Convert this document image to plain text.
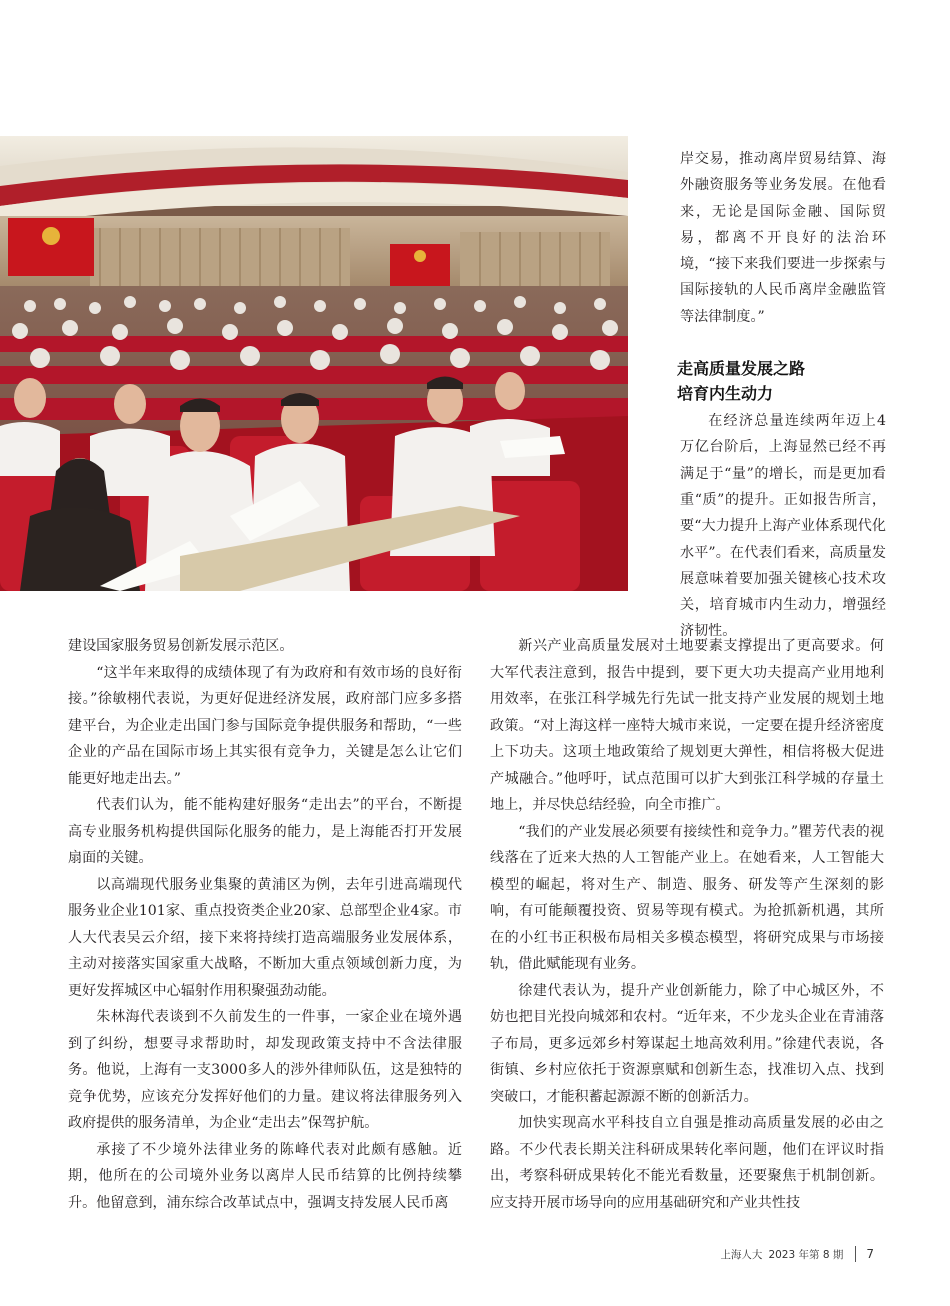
岸交易，推动离岸贸易结算、海外融资服务等业务发展。在他看来，无论是国际金融、国际贸易，都离不开良好的法治环境，“接下来我们要进一步探索与国际接轨的人民币离岸金融监管等法律制度。”

走高质量发展之路
培育内生动力

在经济总量连续两年迈上4万亿台阶后，上海显然已经不再满足于“量”的增长，而是更加看重“质”的提升。正如报告所言，要“大力提升上海产业体系现代化水平”。在代表们看来，高质量发展意味着要加强关键核心技术攻关，培育城市内生动力，增强经济韧性。

建设国家服务贸易创新发展示范区。

“这半年来取得的成绩体现了有为政府和有效市场的良好衔接。”徐敏栩代表说，为更好促进经济发展，政府部门应多多搭建平台，为企业走出国门参与国际竞争提供服务和帮助，“一些企业的产品在国际市场上其实很有竞争力，关键是怎么让它们能更好地走出去。”

代表们认为，能不能构建好服务“走出去”的平台，不断提高专业服务机构提供国际化服务的能力，是上海能否打开发展扇面的关键。

以高端现代服务业集聚的黄浦区为例，去年引进高端现代服务业企业101家、重点投资类企业20家、总部型企业4家。市人大代表吴云介绍，接下来将持续打造高端服务业发展体系，主动对接落实国家重大战略，不断加大重点领域创新力度，为更好发挥城区中心辐射作用积聚强劲动能。

朱林海代表谈到不久前发生的一件事，一家企业在境外遇到了纠纷，想要寻求帮助时，却发现政策支持中不含法律服务。他说，上海有一支3000多人的涉外律师队伍，这是独特的竞争优势，应该充分发挥好他们的力量。建议将法律服务列入政府提供的服务清单，为企业“走出去”保驾护航。

承接了不少境外法律业务的陈峰代表对此颇有感触。近期，他所在的公司境外业务以离岸人民币结算的比例持续攀升。他留意到，浦东综合改革试点中，强调支持发展人民币离

新兴产业高质量发展对土地要素支撑提出了更高要求。何大军代表注意到，报告中提到，要下更大功夫提高产业用地利用效率，在张江科学城先行先试一批支持产业发展的规划土地政策。“对上海这样一座特大城市来说，一定要在提升经济密度上下功夫。这项土地政策给了规划更大弹性，相信将极大促进产城融合。”他呼吁，试点范围可以扩大到张江科学城的存量土地上，并尽快总结经验，向全市推广。

“我们的产业发展必须要有接续性和竞争力。”瞿芳代表的视线落在了近来大热的人工智能产业上。在她看来，人工智能大模型的崛起，将对生产、制造、服务、研发等产生深刻的影响，有可能颠覆投资、贸易等现有模式。为抢抓新机遇，其所在的小红书正积极布局相关多模态模型，将研究成果与市场接轨，借此赋能现有业务。

徐建代表认为，提升产业创新能力，除了中心城区外，不妨也把目光投向城郊和农村。“近年来，不少龙头企业在青浦落子布局，更多远郊乡村筹谋起土地高效利用。”徐建代表说，各街镇、乡村应依托于资源禀赋和创新生态，找准切入点、找到突破口，才能积蓄起源源不断的创新活力。

加快实现高水平科技自立自强是推动高质量发展的必由之路。不少代表长期关注科研成果转化率问题，他们在评议时指出，考察科研成果转化不能光看数量，还要聚焦于机制创新。应支持开展市场导向的应用基础研究和产业共性技

上海人大 2023 年第 8 期 7
